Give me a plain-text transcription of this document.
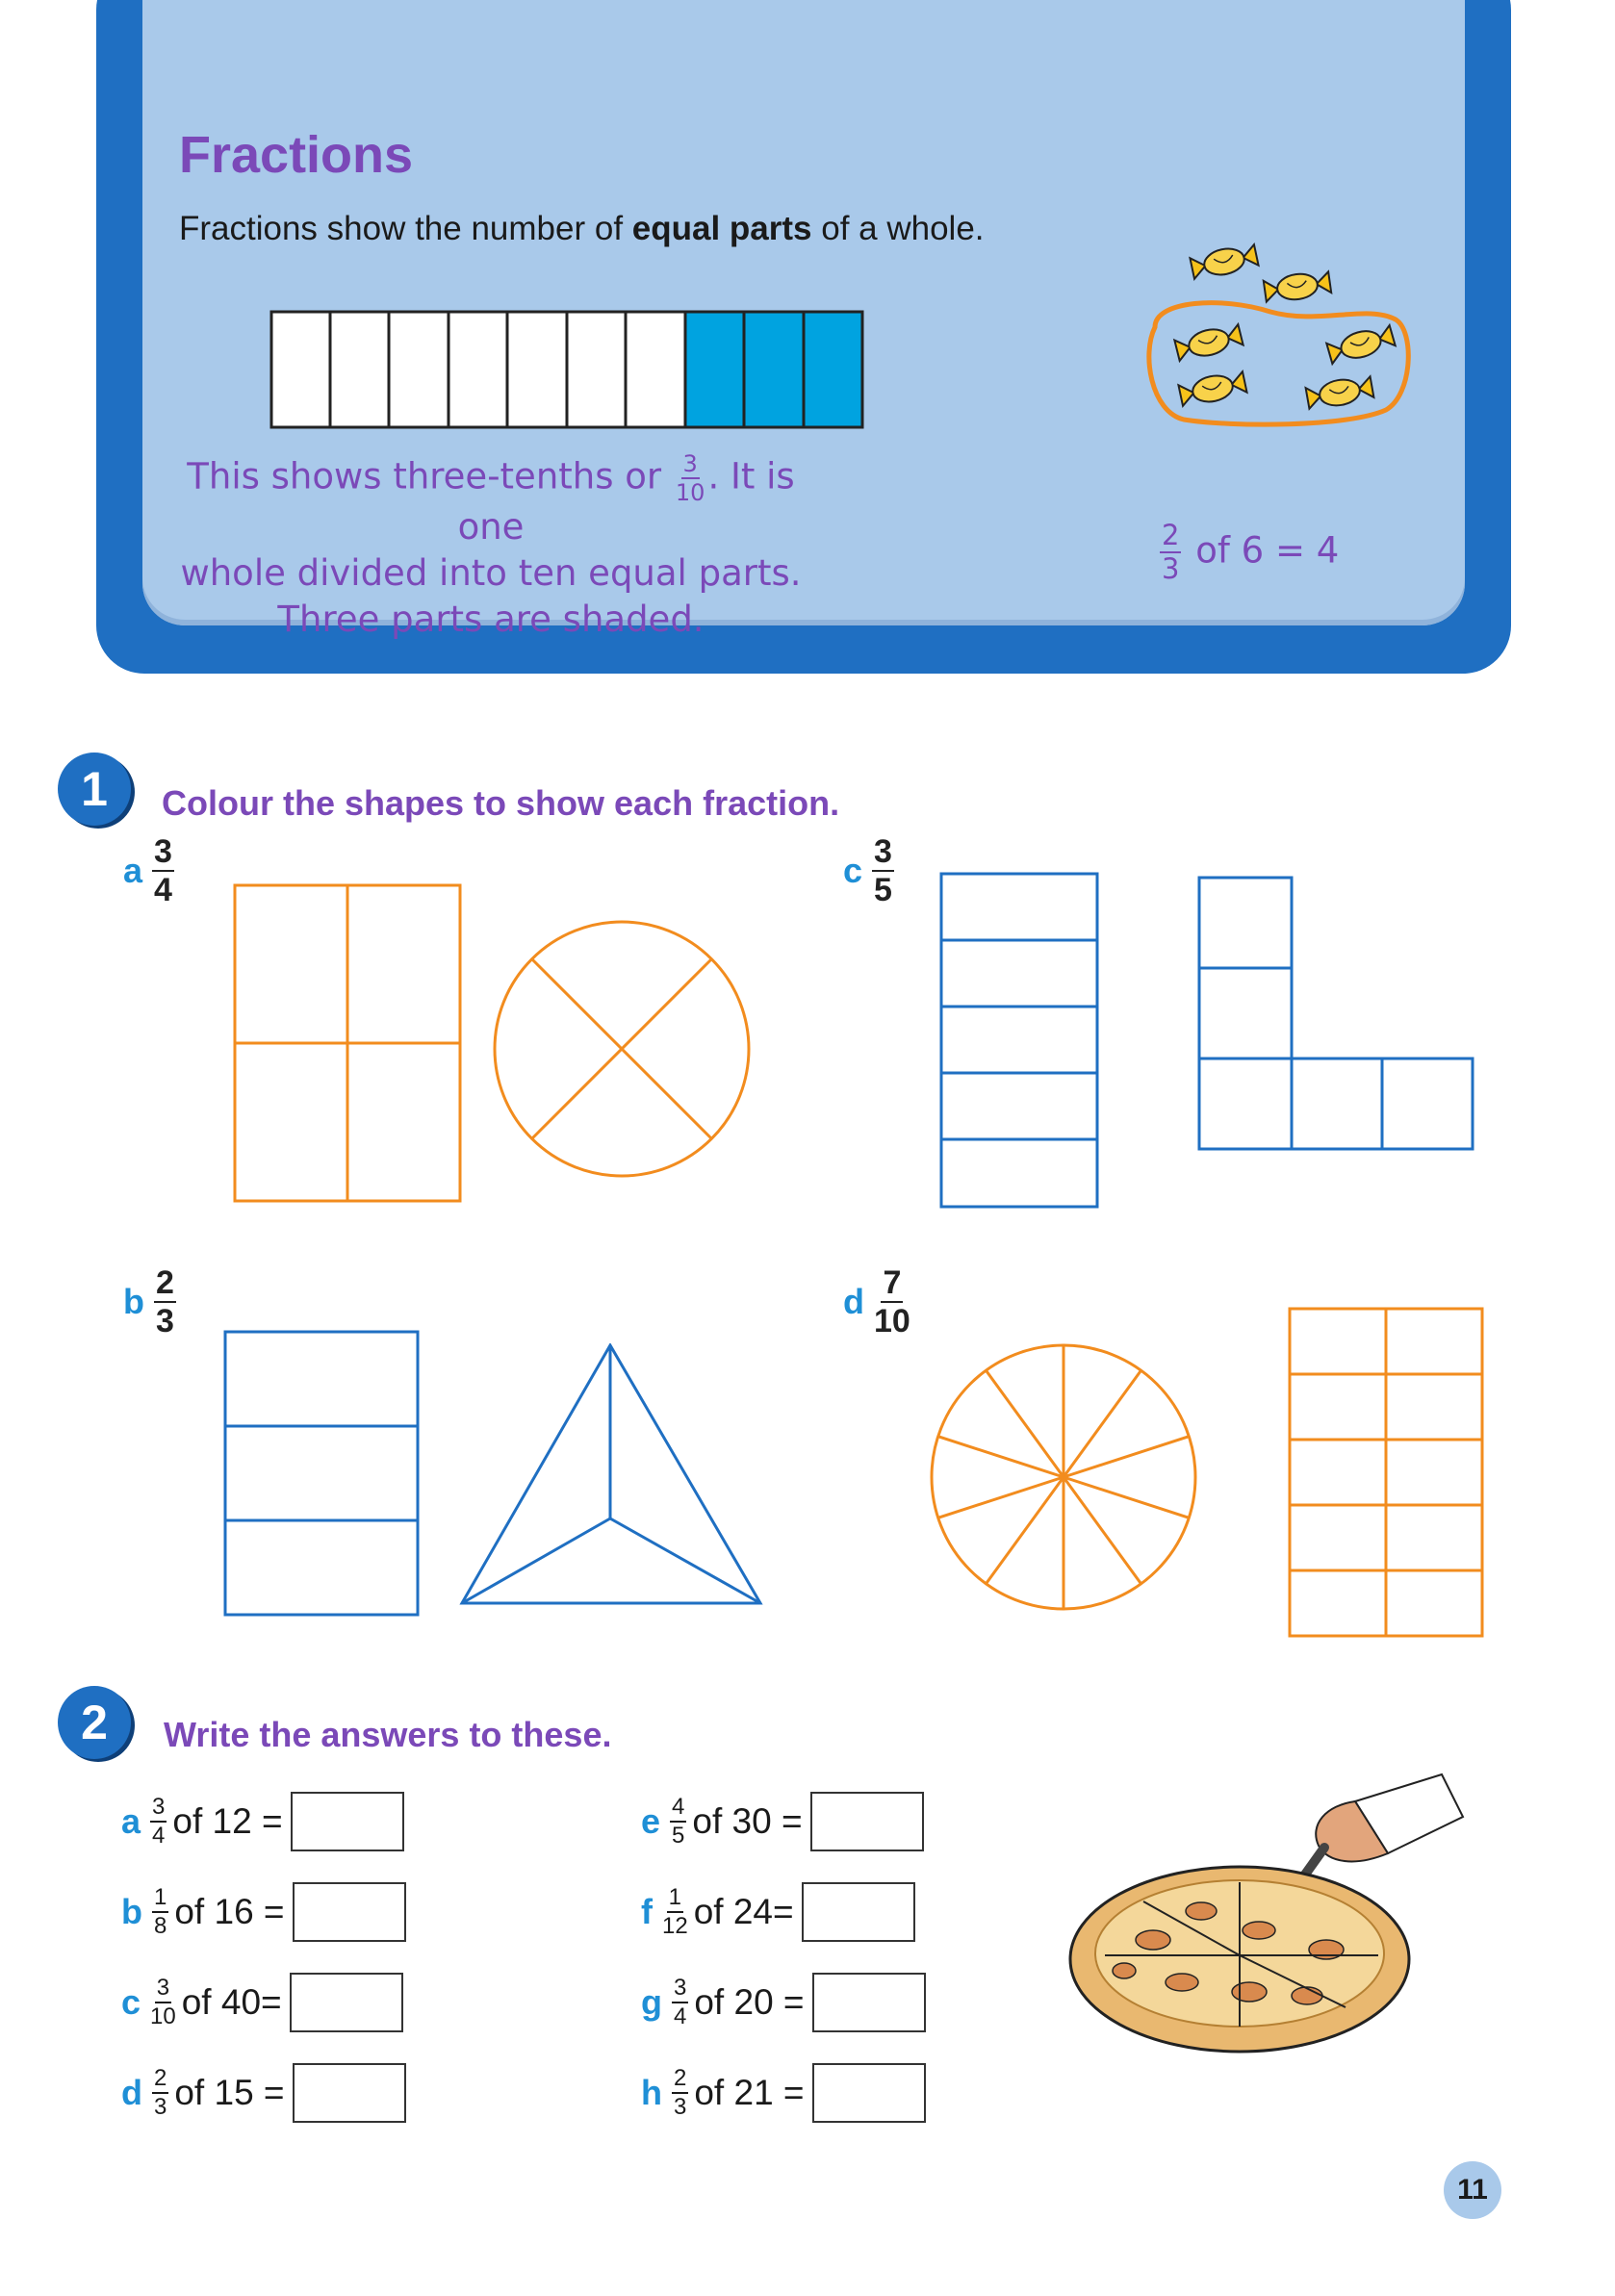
Fractions
Fractions show the number of equal parts of a whole.
This shows three-tenths or $\frac{3}{10}$ . It is one
whole divided into ten equal parts.
Three parts are shaded.
$\frac{2}{3}$ of 6 = 4
1	Colour the shapes to show each fraction.
a $\frac{3}{4}$	c $\frac{3}{5}$
b $\frac{2}{3}$	d $\frac{7}{10}$
2	Write the answers to these.
a $\frac{3}{4}$ of 12 =
b $\frac{1}{8}$ of 16 =
c $\frac{3}{10}$ of 40=
d $\frac{2}{3}$ of 15 =
e $\frac{4}{5}$ of 30 =
f $\frac{1}{12}$ of 24=
g $\frac{3}{4}$ of 20 =
h $\frac{2}{3}$ of 21 =
11
